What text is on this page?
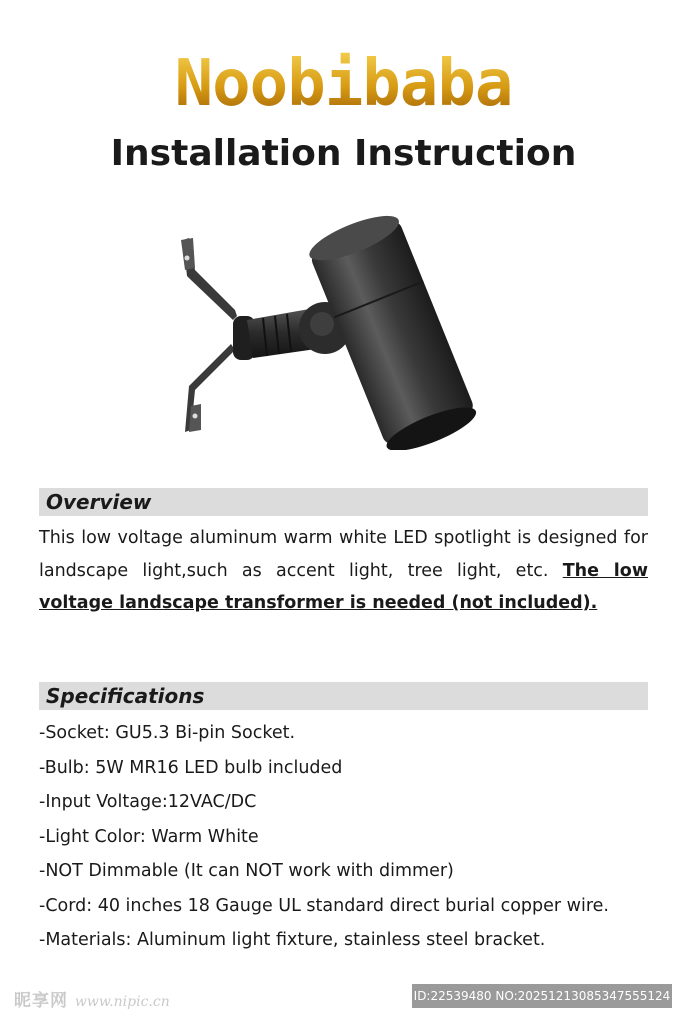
Noobibaba
Installation Instruction
Overview
This low voltage aluminum warm white LED spotlight is designed for landscape light,such as accent light, tree light, etc. The low voltage landscape transformer is needed (not included).
Specifications
-Socket: GU5.3 Bi-pin Socket.
-Bulb: 5W MR16 LED bulb included
-Input Voltage:12VAC/DC
-Light Color: Warm White
-NOT Dimmable (It can NOT work with dimmer)
-Cord: 40 inches 18 Gauge UL standard direct burial copper wire.
-Materials: Aluminum light fixture, stainless steel bracket.
昵享网 www.nipic.cn	ID:22539480 NO:20251213085347555124
